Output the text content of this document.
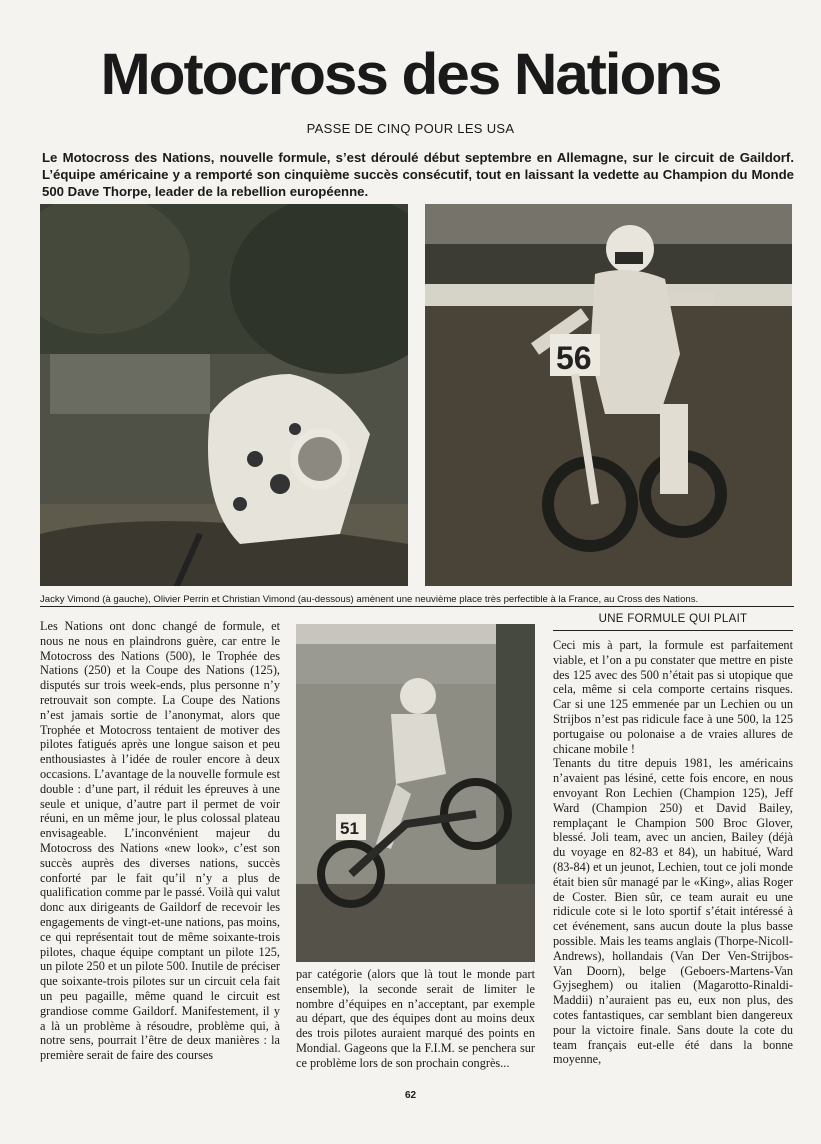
Motocross des Nations
PASSE DE CINQ POUR LES USA
Le Motocross des Nations, nouvelle formule, s’est déroulé début septembre en Allemagne, sur le circuit de Gaildorf. L’équipe américaine y a remporté son cinquième succès consécutif, tout en laissant la vedette au Champion du Monde 500 Dave Thorpe, leader de la rebellion européenne.
56
Jacky Vimond (à gauche), Olivier Perrin et Christian Vimond (au-dessous) amènent une neuvième place très perfectible à la France, au Cross des Nations.

Les Nations ont donc changé de formule, et nous ne nous en plaindrons guère, car entre le Motocross des Nations (500), le Trophée des Nations (250) et la Coupe des Nations (125), disputés sur trois week-ends, plus personne n’y retrouvait son compte. La Coupe des Nations n’est jamais sortie de l’anonymat, alors que Trophée et Motocross tentaient de motiver des pilotes fatigués après une longue saison et peu enthousiastes à l’idée de rouler encore à deux occasions. L’avantage de la nouvelle formule est double : d’une part, il réduit les épreuves à une seule et unique, d’autre part il permet de voir réuni, en un même jour, le plus colossal plateau envisageable. L’inconvénient majeur du Motocross des Nations «new look», c’est son succès auprès des diverses nations, succès conforté par le fait qu’il n’y a plus de qualification comme par le passé. Voilà qui valut donc aux dirigeants de Gaildorf de recevoir les engagements de vingt-et-une nations, pas moins, ce qui représentait tout de même soixante-trois pilotes, chaque équipe comptant un pilote 125, un pilote 250 et un pilote 500. Inutile de préciser que soixante-trois pilotes sur un circuit cela fait un peu pagaille, même quand le circuit est grandiose comme Gaildorf. Manifestement, il y a là un problème à résoudre, problème qui, à notre sens, pourrait l’être de deux manières : la première serait de faire des courses

51

par catégorie (alors que là tout le monde part ensemble), la seconde serait de limiter le nombre d’équipes en n’acceptant, par exemple au départ, que des équipes dont au moins deux des trois pilotes auraient marqué des points en Mondial. Gageons que la F.I.M. se penchera sur ce problème lors de son prochain congrès...

UNE FORMULE QUI PLAIT

Ceci mis à part, la formule est parfaitement viable, et l’on a pu constater que mettre en piste des 125 avec des 500 n’était pas si utopique que cela, même si cela comporte certains risques. Car si une 125 emmenée par un Lechien ou un Strijbos n’est pas ridicule face à une 500, la 125 portugaise ou polonaise a de vraies allures de chicane mobile !

Tenants du titre depuis 1981, les américains n’avaient pas lésiné, cette fois encore, en nous envoyant Ron Lechien (Champion 125), Jeff Ward (Champion 250) et David Bailey, remplaçant le Champion 500 Broc Glover, blessé. Joli team, avec un ancien, Bailey (déjà du voyage en 82-83 et 84), un habitué, Ward (83-84) et un jeunot, Lechien, tout ce joli monde était bien sûr managé par le «King», alias Roger de Coster. Bien sûr, ce team aurait eu une ridicule cote si le loto sportif s’était intéressé à cet événement, sans aucun doute la plus basse possible. Mais les teams anglais (Thorpe-Nicoll-Andrews), hollandais (Van Der Ven-Strijbos-Van Doorn), belge (Geboers-Martens-Van Gyjseghem) ou italien (Magarotto-Rinaldi-Maddii) n’auraient pas eu, eux non plus, des cotes fantastiques, car semblant bien dangereux pour la victoire finale. Sans doute la cote du team français eut-elle été dans la bonne moyenne,

62
